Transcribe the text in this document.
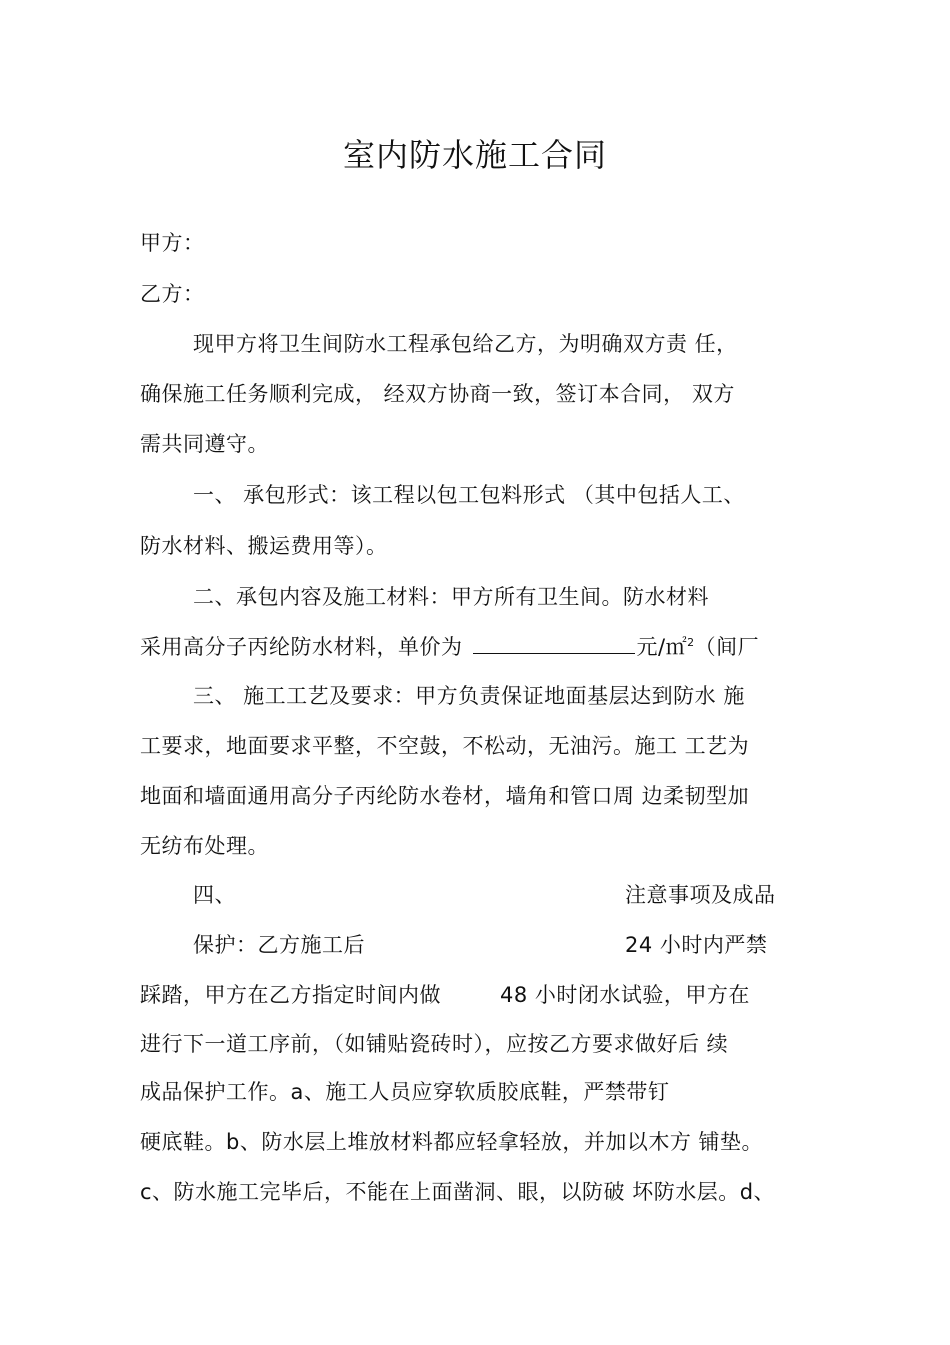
室内防水施工合同
甲方：
乙方：
现甲方将卫生间防水工程承包给乙方，为明确双方责 任，
确保施工任务顺利完成， 经双方协商一致，签订本合同， 双方
需共同遵守。
一、 承包形式：该工程以包工包料形式 （其中包括人工、
防水材料、搬运费用等）。
二、承包内容及施工材料：甲方所有卫生间。防水材料
采用高分子丙纶防水材料，单价为	元/㎡$^2$（间厂
三、 施工工艺及要求：甲方负责保证地面基层达到防水 施
工要求，地面要求平整，不空鼓，不松动，无油污。施工 工艺为
地面和墙面通用高分子丙纶防水卷材，墙角和管口周 边柔韧型加
无纺布处理。
四、	注意事项及成品
保护：乙方施工后	24 小时内严禁
踩踏，甲方在乙方指定时间内做	48 小时闭水试验，甲方在
进行下一道工序前，（如铺贴瓷砖时），应按乙方要求做好后 续
成品保护工作。a、施工人员应穿软质胶底鞋，严禁带钉
硬底鞋。b、防水层上堆放材料都应轻拿轻放，并加以木方 铺垫。
c、防水施工完毕后，不能在上面凿洞、眼，以防破 坏防水层。d、
